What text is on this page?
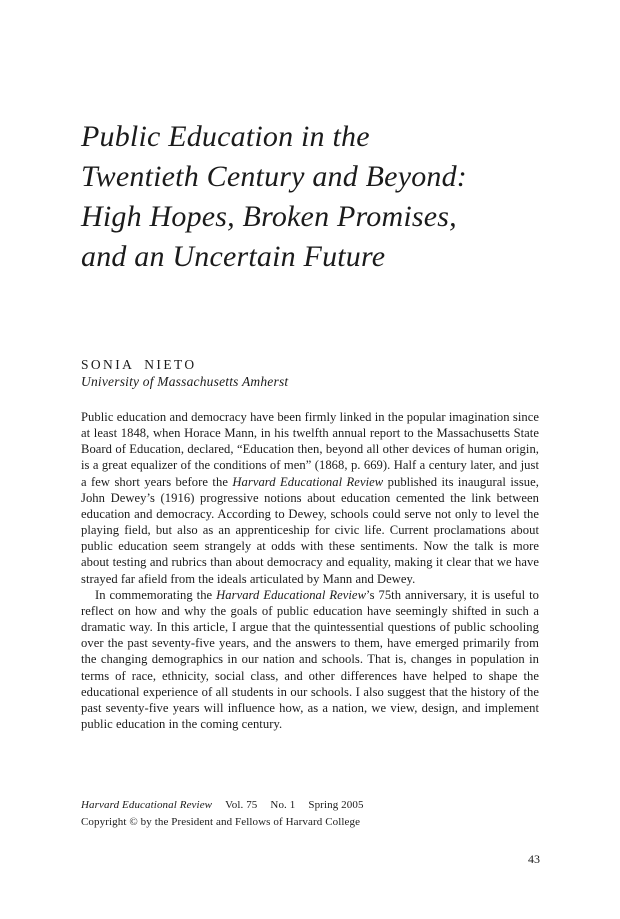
Public Education in the
Twentieth Century and Beyond:
High Hopes, Broken Promises,
and an Uncertain Future
SONIA NIETO
University of Massachusetts Amherst

Public education and democracy have been firmly linked in the popular imagination since at least 1848, when Horace Mann, in his twelfth annual report to the Massachusetts State Board of Education, declared, “Education then, beyond all other devices of human origin, is a great equalizer of the conditions of men” (1868, p. 669). Half a century later, and just a few short years before the Harvard Educational Review published its inaugural issue, John Dewey’s (1916) progressive notions about education cemented the link between education and democracy. According to Dewey, schools could serve not only to level the playing field, but also as an apprenticeship for civic life. Current proclamations about public education seem strangely at odds with these sentiments. Now the talk is more about testing and rubrics than about democracy and equality, making it clear that we have strayed far afield from the ideals articulated by Mann and Dewey.

In commemorating the Harvard Educational Review’s 75th anniversary, it is useful to reflect on how and why the goals of public education have seemingly shifted in such a dramatic way. In this article, I argue that the quintessential questions of public schooling over the past seventy-five years, and the answers to them, have emerged primarily from the changing demographics in our nation and schools. That is, changes in population in terms of race, ethnicity, social class, and other differences have helped to shape the educational experience of all students in our schools. I also suggest that the history of the past seventy-five years will influence how, as a nation, we view, design, and implement public education in the coming century.

Harvard Educational Review Vol. 75 No. 1 Spring 2005
Copyright © by the President and Fellows of Harvard College
43
